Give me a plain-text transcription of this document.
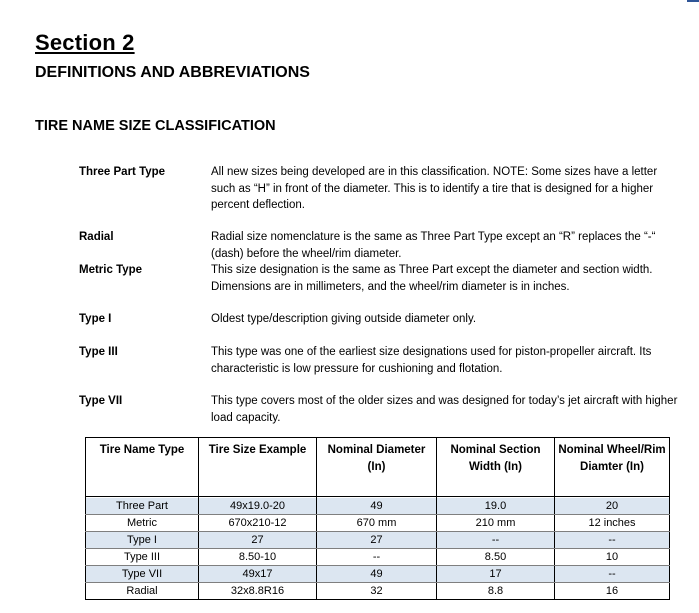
Section 2
DEFINITIONS AND ABBREVIATIONS
TIRE NAME SIZE CLASSIFICATION
Three Part Type	All new sizes being developed are in this classification. NOTE: Some sizes have a letter such as “H” in front of the diameter. This is to identify a tire that is designed for a higher percent deflection.
Radial	Radial size nomenclature is the same as Three Part Type except an “R” replaces the “-“ (dash) before the wheel/rim diameter.
Metric Type	This size designation is the same as Three Part except the diameter and section width. Dimensions are in millimeters, and the wheel/rim diameter is in inches.
Type I	Oldest type/description giving outside diameter only.
Type III	This type was one of the earliest size designations used for piston-propeller aircraft. Its characteristic is low pressure for cushioning and flotation.
Type VII	This type covers most of the older sizes and was designed for today’s jet aircraft with higher load capacity.
Tire Name Type	Tire Size Example	Nominal Diameter (In)	Nominal Section Width (In)	Nominal Wheel/Rim Diamter (In)

Three Part	49x19.0-20	49	19.0	20
Metric	670x210-12	670 mm	210 mm	12 inches
Type I	27	27	--	--
Type III	8.50-10	--	8.50	10
Type VII	49x17	49	17	--
Radial	32x8.8R16	32	8.8	16
